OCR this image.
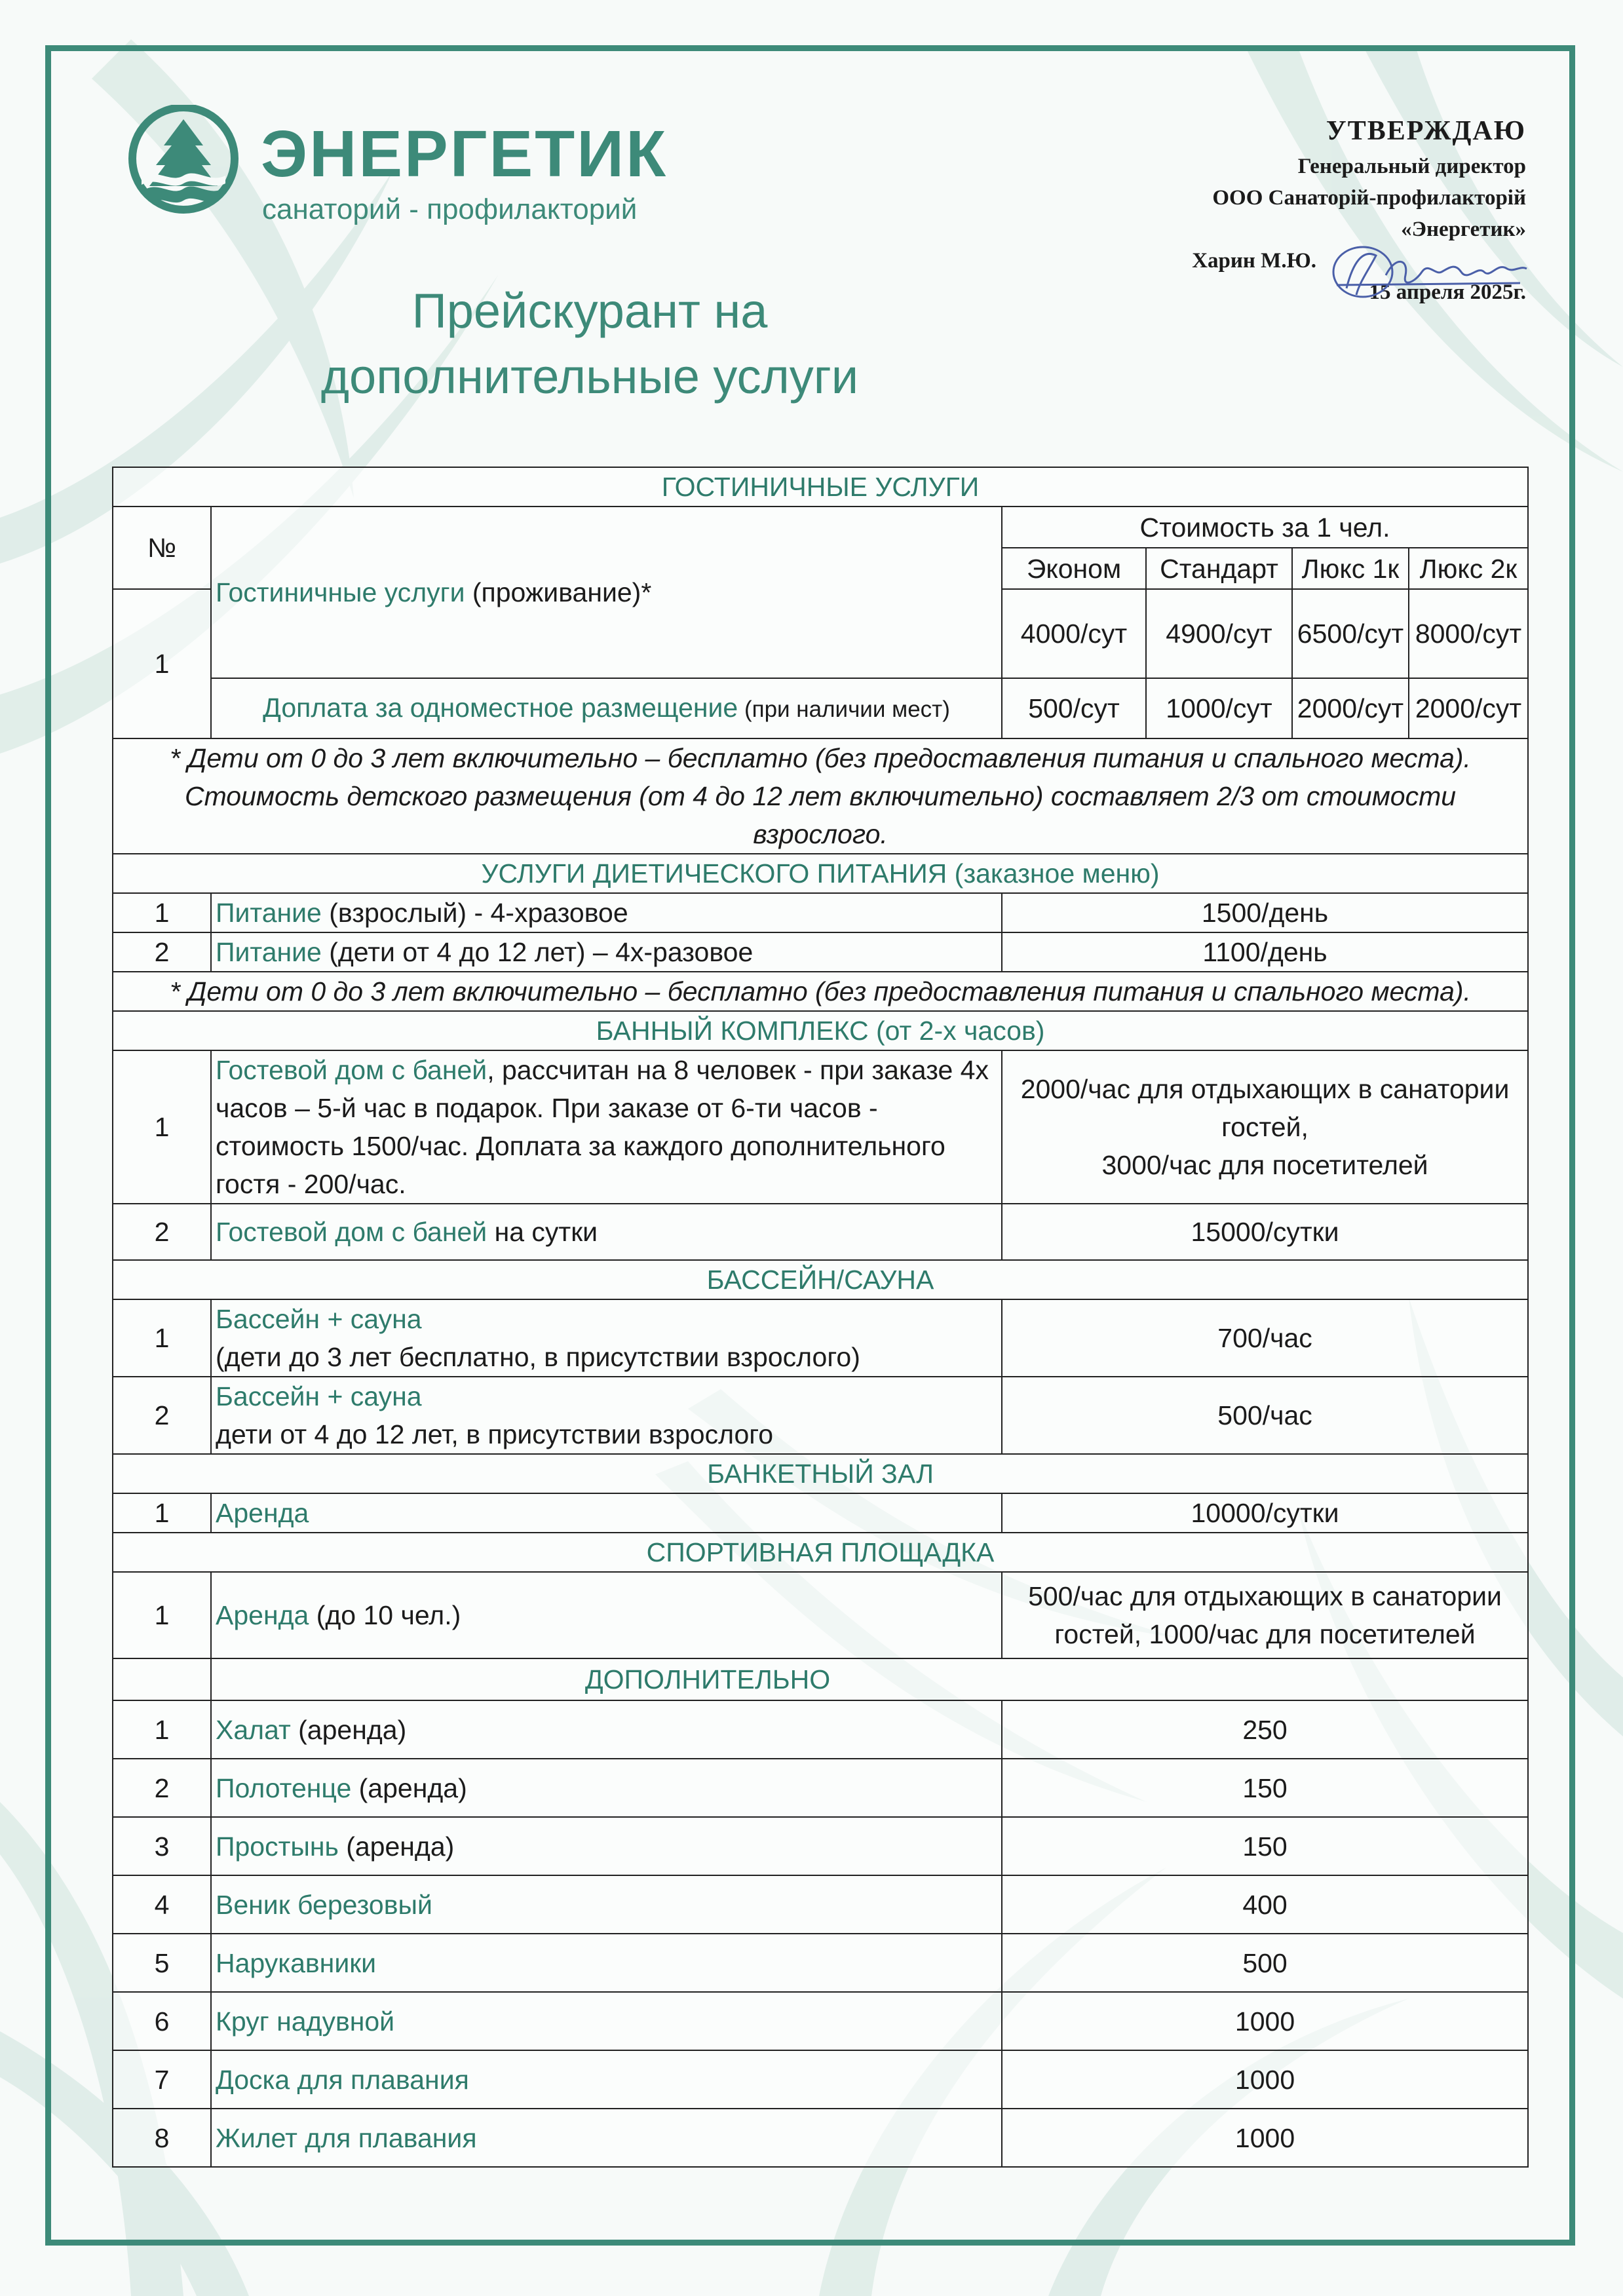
ЭНЕРГЕТИК
санаторий - профилакторий
УТВЕРЖДАЮ
Генеральный директор
ООО Санаторій-профилакторій
«Энергетик»
Харин М.Ю.
15 апреля 2025г.
Прейскурант на
дополнительные услуги
ГОСТИНИЧНЫЕ УСЛУГИ					
№	Гостиничные услуги (проживание)*	Стоимость за 1 чел.			
		Эконом	Стандарт	Люкс 1к	Люкс 2к
1		4000/сут	4900/сут	6500/сут	8000/сут
	Доплата за одноместное размещение (при наличии мест)	500/сут	1000/сут	2000/сут	2000/сут
* Дети от 0 до 3 лет включительно – бесплатно (без предоставления питания и спального места). Стоимость детского размещения (от 4 до 12 лет включительно) составляет 2/3 от стоимости взрослого.					
УСЛУГИ ДИЕТИЧЕСКОГО ПИТАНИЯ (заказное меню)					
1	Питание (взрослый) - 4-хразовое	1500/день			
2	Питание (дети от 4 до 12 лет) – 4х-разовое	1100/день			
* Дети от 0 до 3 лет включительно – бесплатно (без предоставления питания и спального места).					
БАННЫЙ КОМПЛЕКС (от 2-х часов)					
1	Гостевой дом с баней, рассчитан на 8 человек - при заказе 4х часов – 5-й час в подарок. При заказе от 6-ти часов - стоимость 1500/час. Доплата за каждого дополнительного гостя - 200/час.	2000/час для отдыхающих в санатории гостей,
3000/час для посетителей			

2	Гостевой дом с баней на сутки	15000/сутки			
БАССЕЙН/САУНА					
1	Бассейн + сауна
(дети до 3 лет бесплатно, в присутствии взрослого)	700/час			
2	Бассейн + сауна
дети от 4 до 12 лет, в присутствии взрослого	500/час			
БАНКЕТНЫЙ ЗАЛ					
1	Аренда	10000/сутки			
СПОРТИВНАЯ ПЛОЩАДКА					
1	Аренда (до 10 чел.)	500/час для отдыхающих в санатории гостей, 1000/час для посетителей			
	ДОПОЛНИТЕЛЬНО				
1	Халат (аренда)	250			
2	Полотенце (аренда)	150			
3	Простынь (аренда)	150			
4	Веник березовый	400			
5	Нарукавники	500			
6	Круг надувной	1000			
7	Доска для плавания	1000			
8	Жилет для плавания	1000			
